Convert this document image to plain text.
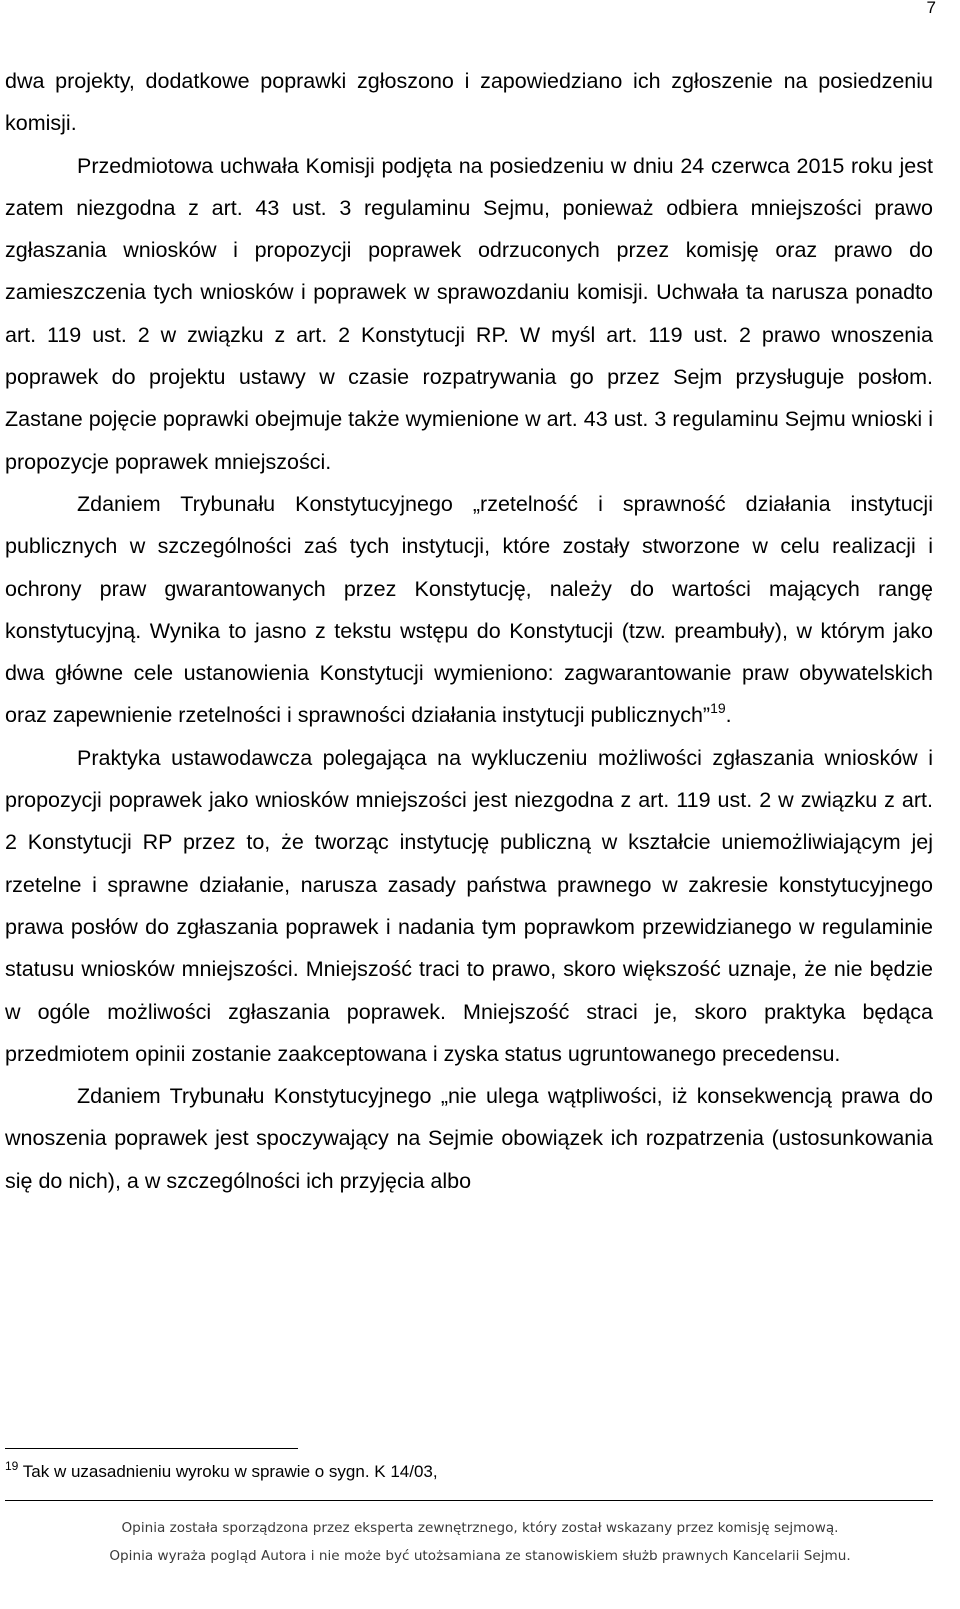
7

dwa projekty, dodatkowe poprawki zgłoszono i zapowiedziano ich zgłoszenie na posiedzeniu komisji.

Przedmiotowa uchwała Komisji podjęta na posiedzeniu w dniu 24 czerwca 2015 roku jest zatem niezgodna z art. 43 ust. 3 regulaminu Sejmu, ponieważ odbiera mniejszości prawo zgłaszania wniosków i propozycji poprawek odrzuconych przez komisję oraz prawo do zamieszczenia tych wniosków i poprawek w sprawozdaniu komisji. Uchwała ta narusza ponadto art. 119 ust. 2 w związku z art. 2 Konstytucji RP. W myśl art. 119 ust. 2 prawo wnoszenia poprawek do projektu ustawy w czasie rozpatrywania go przez Sejm przysługuje posłom. Zastane pojęcie poprawki obejmuje także wymienione w art. 43 ust. 3 regulaminu Sejmu wnioski i propozycje poprawek mniejszości.

Zdaniem Trybunału Konstytucyjnego „rzetelność i sprawność działania instytucji publicznych w szczególności zaś tych instytucji, które zostały stworzone w celu realizacji i ochrony praw gwarantowanych przez Konstytucję, należy do wartości mających rangę konstytucyjną. Wynika to jasno z tekstu wstępu do Konstytucji (tzw. preambuły), w którym jako dwa główne cele ustanowienia Konstytucji wymieniono: zagwarantowanie praw obywatelskich oraz zapewnienie rzetelności i sprawności działania instytucji publicznych”$^{19}$.

Praktyka ustawodawcza polegająca na wykluczeniu możliwości zgłaszania wniosków i propozycji poprawek jako wniosków mniejszości jest niezgodna z art. 119 ust. 2 w związku z art. 2 Konstytucji RP przez to, że tworząc instytucję publiczną w kształcie uniemożliwiającym jej rzetelne i sprawne działanie, narusza zasady państwa prawnego w zakresie konstytucyjnego prawa posłów do zgłaszania poprawek i nadania tym poprawkom przewidzianego w regulaminie statusu wniosków mniejszości. Mniejszość traci to prawo, skoro większość uznaje, że nie będzie w ogóle możliwości zgłaszania poprawek. Mniejszość straci je, skoro praktyka będąca przedmiotem opinii zostanie zaakceptowana i zyska status ugruntowanego precedensu.

Zdaniem Trybunału Konstytucyjnego „nie ulega wątpliwości, iż konsekwencją prawa do wnoszenia poprawek jest spoczywający na Sejmie obowiązek ich rozpatrzenia (ustosunkowania się do nich), a w szczególności ich przyjęcia albo

$^{19}$ Tak w uzasadnieniu wyroku w sprawie o sygn. K 14/03,
Opinia została sporządzona przez eksperta zewnętrznego, który został wskazany przez komisję sejmową.
Opinia wyraża pogląd Autora i nie może być utożsamiana ze stanowiskiem służb prawnych Kancelarii Sejmu.
